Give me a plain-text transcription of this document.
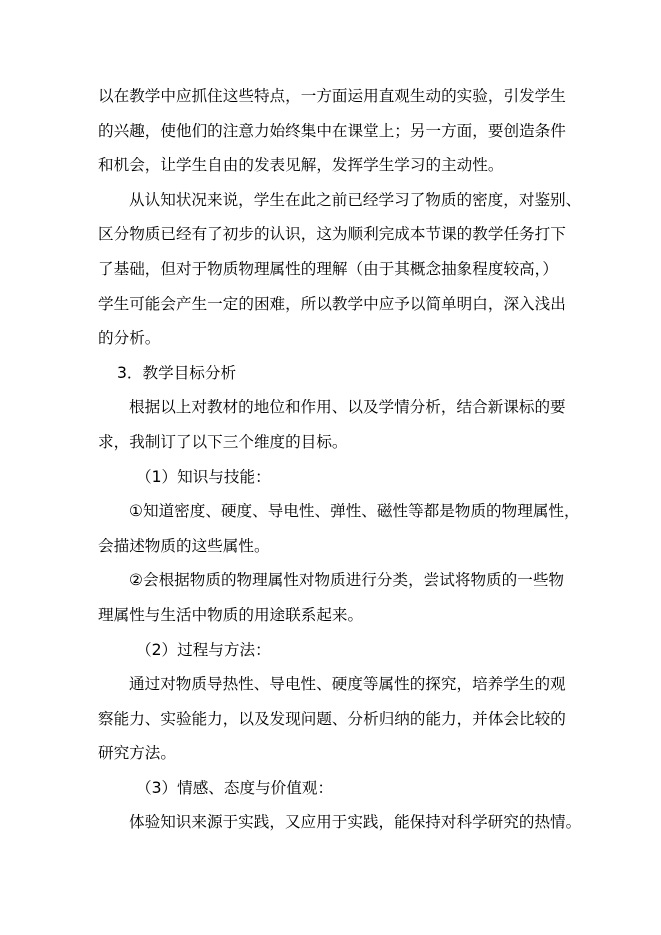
以在教学中应抓住这些特点，一方面运用直观生动的实验，引发学生
的兴趣，使他们的注意力始终集中在课堂上；另一方面，要创造条件
和机会，让学生自由的发表见解，发挥学生学习的主动性。

从认知状况来说，学生在此之前已经学习了物质的密度，对鉴别、
区分物质已经有了初步的认识，这为顺利完成本节课的教学任务打下
了基础，但对于物质物理属性的理解（由于其概念抽象程度较高，）
学生可能会产生一定的困难，所以教学中应予以简单明白，深入浅出
的分析。

3．教学目标分析

根据以上对教材的地位和作用、以及学情分析，结合新课标的要
求，我制订了以下三个维度的目标。

（1）知识与技能：

①知道密度、硬度、导电性、弹性、磁性等都是物质的物理属性，
会描述物质的这些属性。

②会根据物质的物理属性对物质进行分类，尝试将物质的一些物
理属性与生活中物质的用途联系起来。

（2）过程与方法：

通过对物质导热性、导电性、硬度等属性的探究，培养学生的观
察能力、实验能力，以及发现问题、分析归纳的能力，并体会比较的
研究方法。

（3）情感、态度与价值观：

体验知识来源于实践，又应用于实践，能保持对科学研究的热情。
